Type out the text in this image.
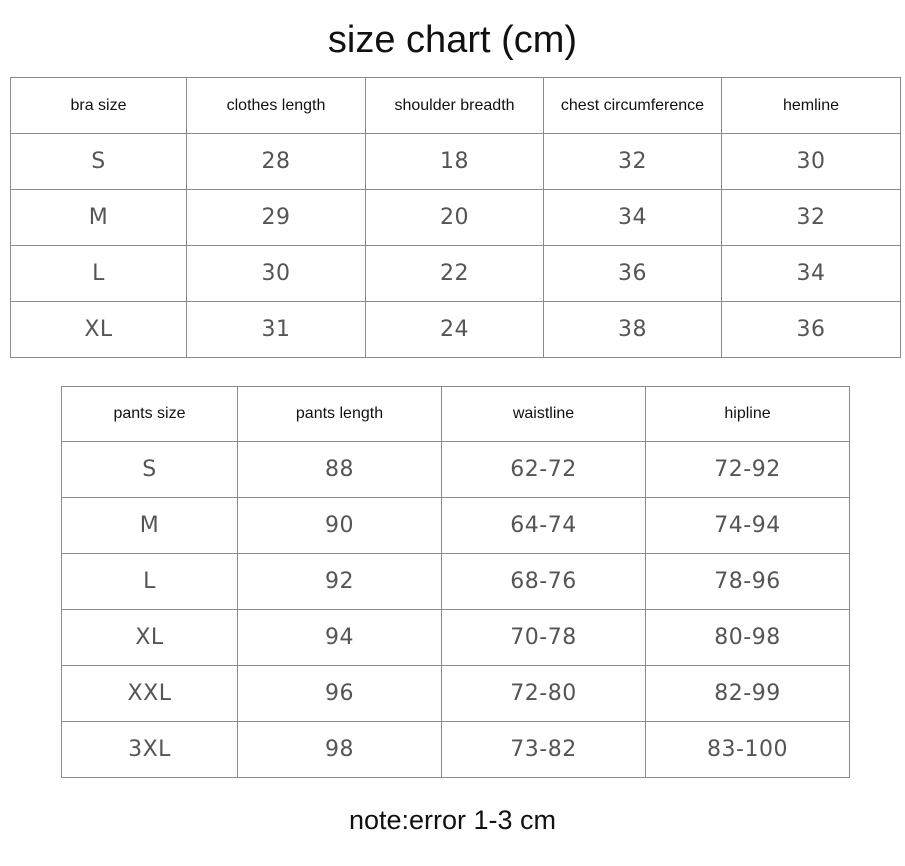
size chart (cm)
bra size	clothes length	shoulder breadth	chest circumference	hemline
S	28	18	32	30
M	29	20	34	32
L	30	22	36	34
XL	31	24	38	36
pants size	pants length	waistline	hipline
S	88	62-72	72-92
M	90	64-74	74-94
L	92	68-76	78-96
XL	94	70-78	80-98
XXL	96	72-80	82-99
3XL	98	73-82	83-100
note:error 1-3 cm
